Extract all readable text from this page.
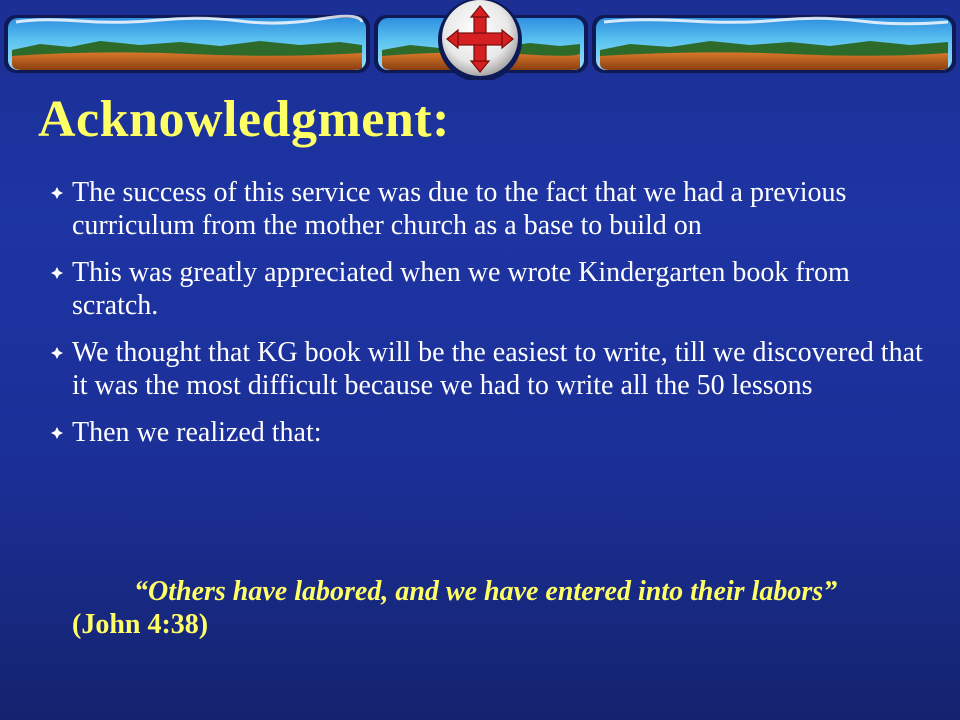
Acknowledgment:
The success of this service was due to the fact that we had a previous curriculum from the mother church as a base to build on
This was greatly appreciated when we wrote Kindergarten book from scratch.
We thought that KG book will be the easiest to write, till we discovered that it was the most difficult because we had to write all the 50 lessons
Then we realized that:

“Others have labored, and we have entered into their labors” (John 4:38)
